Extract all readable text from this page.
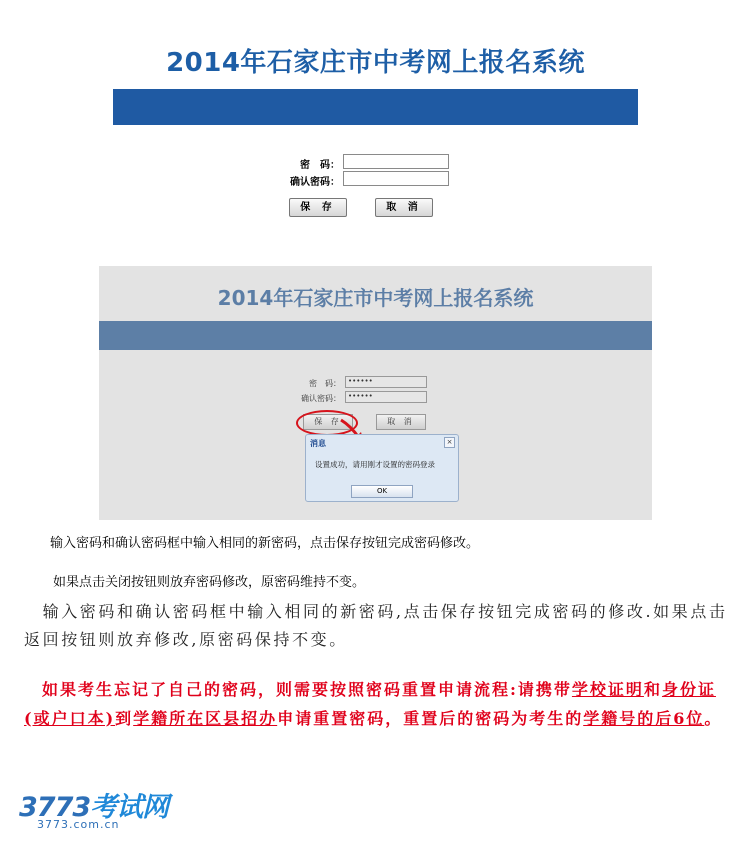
2014年石家庄市中考网上报名系统
密　码：
确认密码：
保 存	取 消
2014年石家庄市中考网上报名系统
密　码：	••••••
确认密码：	••••••
保 存	取 消
消息	×
设置成功，请用刚才设置的密码登录
OK
输入密码和确认密码框中输入相同的新密码，点击保存按钮完成密码修改。
如果点击关闭按钮则放弃密码修改，原密码维持不变。
　输入密码和确认密码框中输入相同的新密码,点击保存按钮完成密码的修改.如果点击返回按钮则放弃修改,原密码保持不变。
　如果考生忘记了自己的密码，则需要按照密码重置申请流程:请携带学校证明和身份证(或户口本)到学籍所在区县招办申请重置密码，重置后的密码为考生的学籍号的后6位。
3773考试网
3773.com.cn
